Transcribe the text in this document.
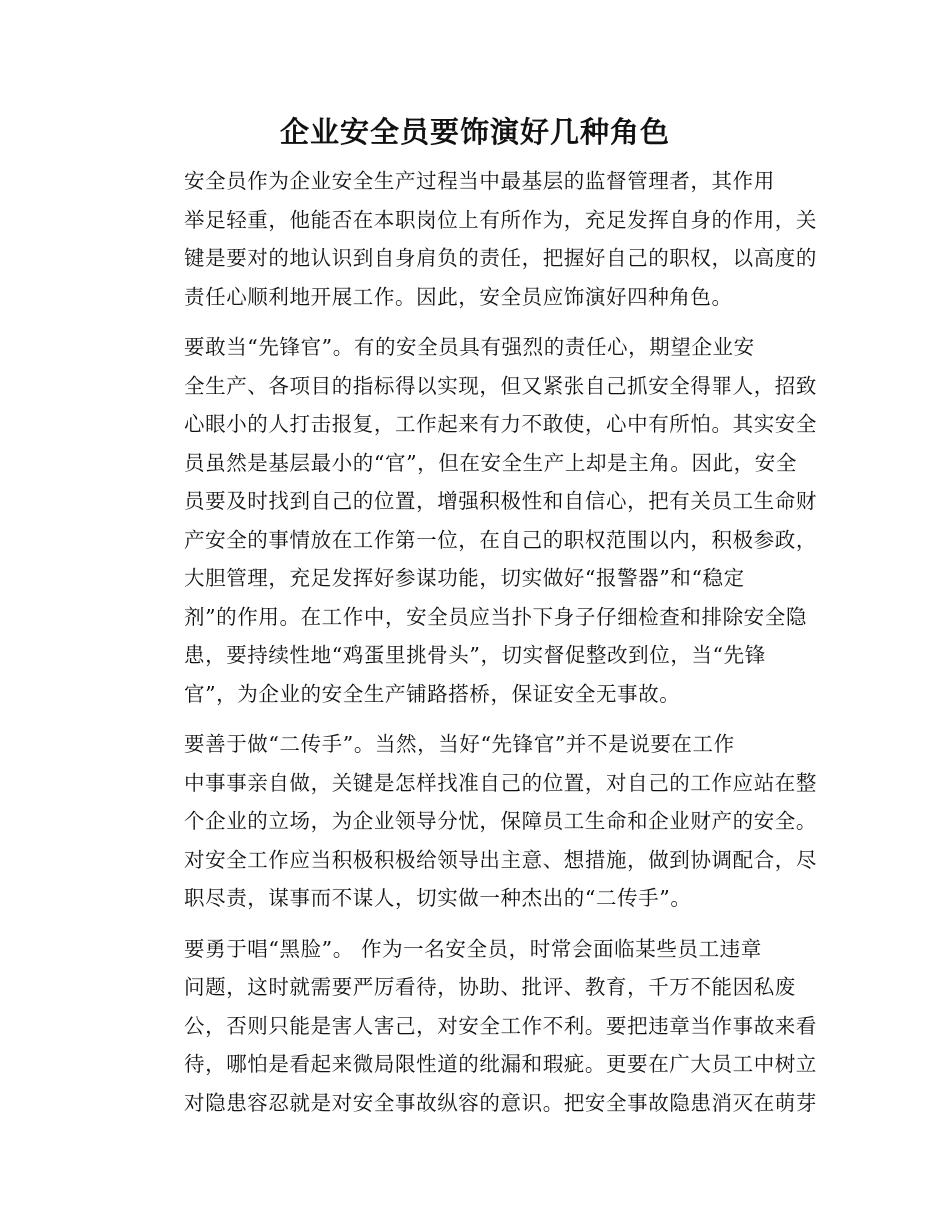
企业安全员要饰演好几种角色

安全员作为企业安全生产过程当中最基层的监督管理者，其作用
举足轻重，他能否在本职岗位上有所作为，充足发挥自身的作用，关
键是要对的地认识到自身肩负的责任，把握好自己的职权，以高度的
责任心顺利地开展工作。因此，安全员应饰演好四种角色。

要敢当“先锋官”。有的安全员具有强烈的责任心，期望企业安
全生产、各项目的指标得以实现，但又紧张自己抓安全得罪人，招致
心眼小的人打击报复，工作起来有力不敢使，心中有所怕。其实安全
员虽然是基层最小的“官”，但在安全生产上却是主角。因此，安全
员要及时找到自己的位置，增强积极性和自信心，把有关员工生命财
产安全的事情放在工作第一位，在自己的职权范围以内，积极参政，
大胆管理，充足发挥好参谋功能，切实做好“报警器”和“稳定
剂”的作用。在工作中，安全员应当扑下身子仔细检查和排除安全隐
患，要持续性地“鸡蛋里挑骨头”，切实督促整改到位，当“先锋
官”，为企业的安全生产铺路搭桥，保证安全无事故。

要善于做“二传手”。当然，当好“先锋官”并不是说要在工作
中事事亲自做，关键是怎样找准自己的位置，对自己的工作应站在整
个企业的立场，为企业领导分忧，保障员工生命和企业财产的安全。
对安全工作应当积极积极给领导出主意、想措施，做到协调配合，尽
职尽责，谋事而不谋人，切实做一种杰出的“二传手”。

要勇于唱“黑脸”。 作为一名安全员，时常会面临某些员工违章
问题，这时就需要严厉看待，协助、批评、教育，千万不能因私废
公，否则只能是害人害己，对安全工作不利。要把违章当作事故来看
待，哪怕是看起来微局限性道的纰漏和瑕疵。更要在广大员工中树立
对隐患容忍就是对安全事故纵容的意识。把安全事故隐患消灭在萌芽
